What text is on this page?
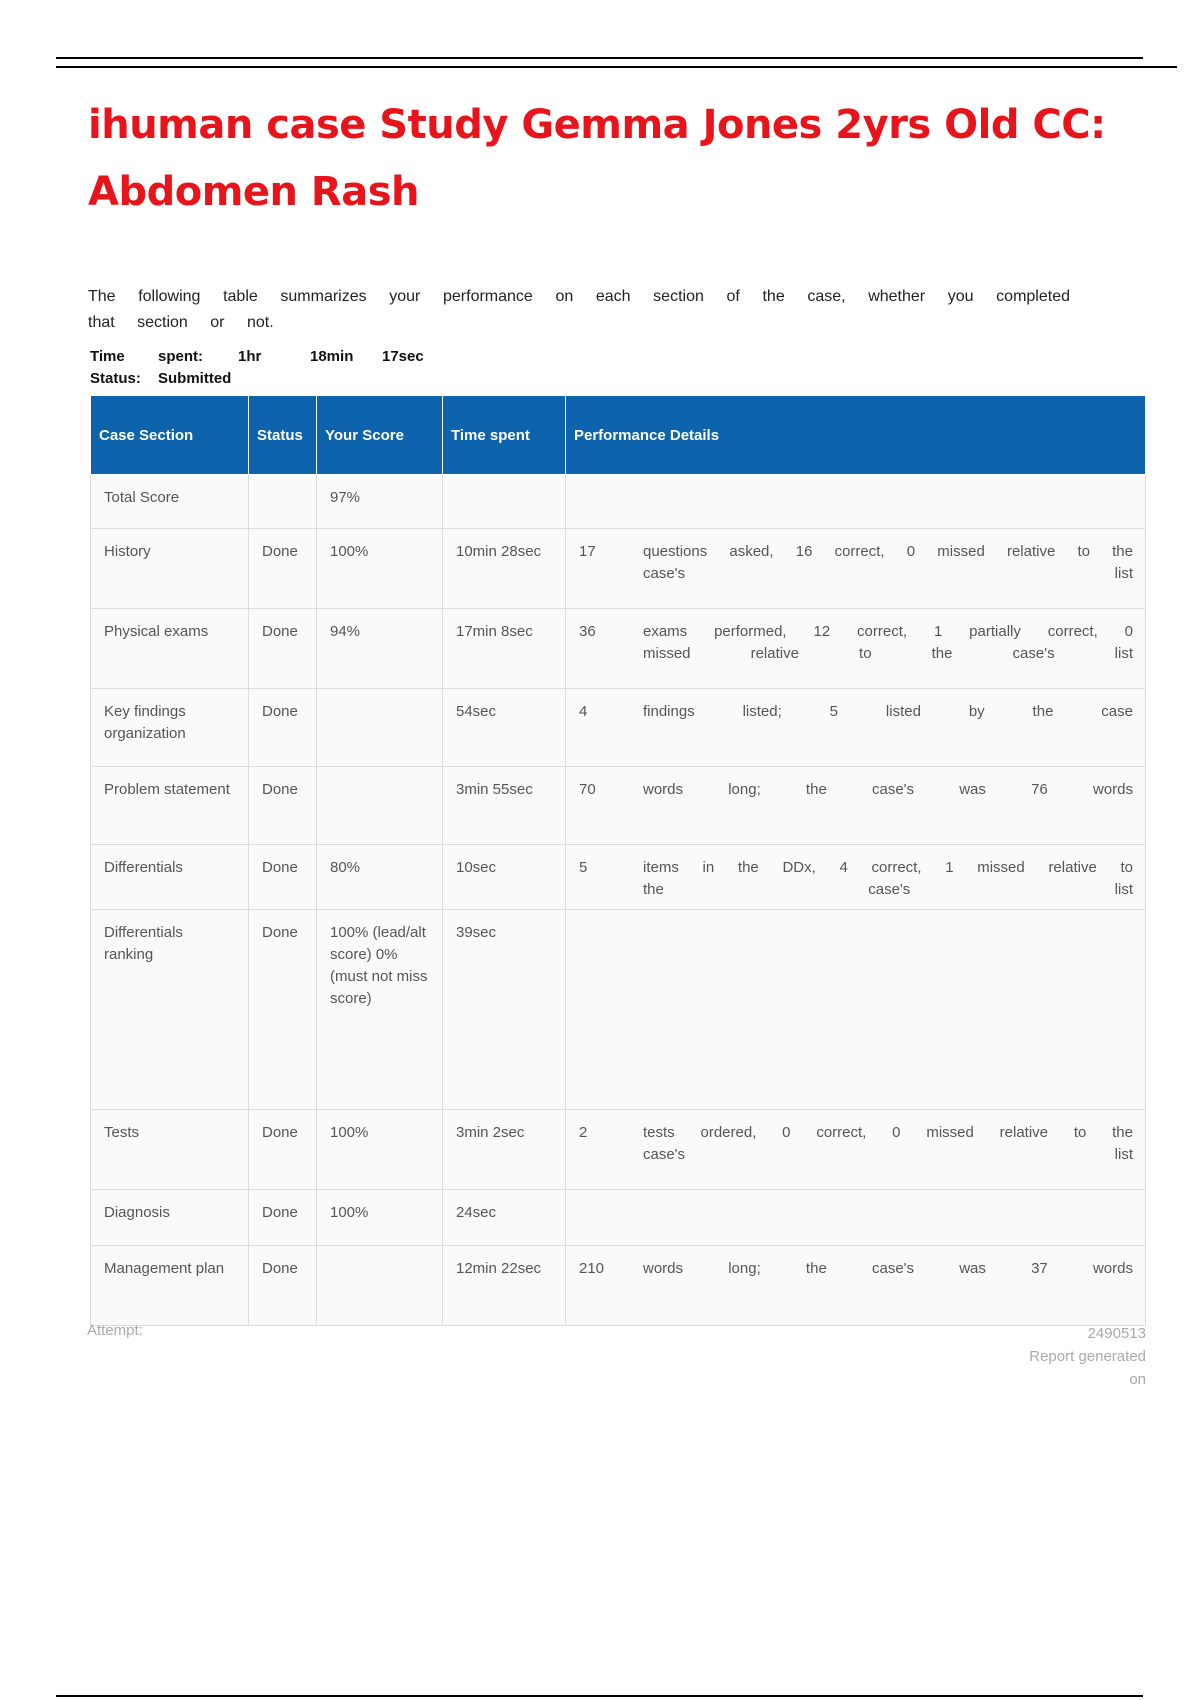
ihuman case Study Gemma Jones 2yrs Old CC: Abdomen Rash

The following table summarizes your performance on each section of the case, whether you completed that section or not.

Time spent: 1hr	18min 17sec
Status: Submitted
Case Section	Status	Your Score	Time spent	Performance Details
Total Score		97%		

History	Done	100%	10min 28sec	17 questions asked, 16 correct, 0 missed relative to the case's list

Physical exams	Done	94%	17min 8sec	36 exams performed, 12 correct, 1 partially correct, 0 missed relative to the case's list

Key findings organization	Done		54sec	4 findings listed; 5 listed by the case

Problem statement	Done		3min 55sec	70 words long; the case's was 76 words

Differentials	Done	80%	10sec	5 items in the DDx, 4 correct, 1 missed relative to the case's list

Differentials ranking	Done	100% (lead/alt score) 0% (must not miss score)	39sec	

Tests	Done	100%	3min 2sec	2 tests ordered, 0 correct, 0 missed relative to the case's list

Diagnosis	Done	100%	24sec	

Management plan	Done		12min 22sec	210 words long; the case's was 37 words
Attempt:	2490513
Report generated on
